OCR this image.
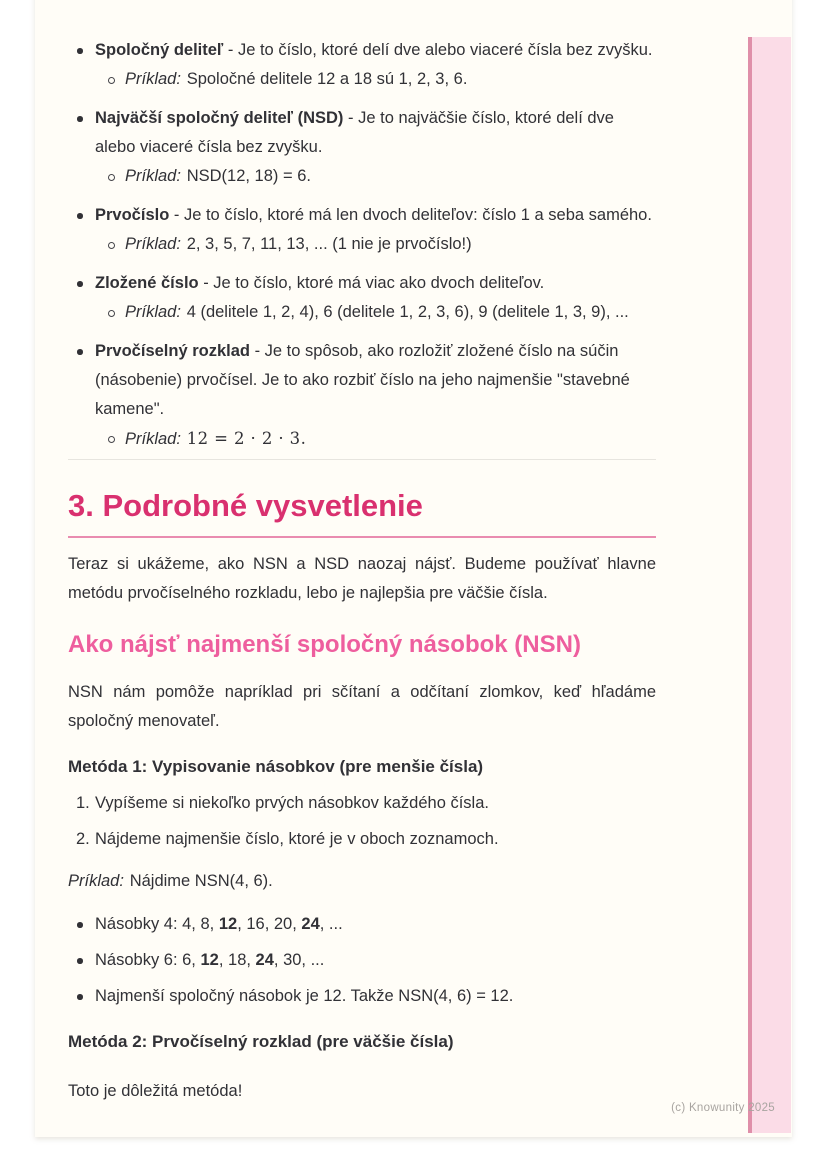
Spoločný deliteľ - Je to číslo, ktoré delí dve alebo viaceré čísla bez zvyšku.
Príklad: Spoločné delitele 12 a 18 sú 1, 2, 3, 6.
Najväčší spoločný deliteľ (NSD) - Je to najväčšie číslo, ktoré delí dve alebo viaceré čísla bez zvyšku.
Príklad: NSD(12, 18) = 6.
Prvočíslo - Je to číslo, ktoré má len dvoch deliteľov: číslo 1 a seba samého.
Príklad: 2, 3, 5, 7, 11, 13, ... (1 nie je prvočíslo!)
Zložené číslo - Je to číslo, ktoré má viac ako dvoch deliteľov.
Príklad: 4 (delitele 1, 2, 4), 6 (delitele 1, 2, 3, 6), 9 (delitele 1, 3, 9), ...
Prvočíselný rozklad - Je to spôsob, ako rozložiť zložené číslo na súčin (násobenie) prvočísel. Je to ako rozbiť číslo na jeho najmenšie "stavebné kamene".
Príklad: 12 = 2 · 2 · 3.
3. Podrobné vysvetlenie

Teraz si ukážeme, ako NSN a NSD naozaj nájsť. Budeme používať hlavne metódu prvočíselného rozkladu, lebo je najlepšia pre väčšie čísla.

Ako nájsť najmenší spoločný násobok (NSN)

NSN nám pomôže napríklad pri sčítaní a odčítaní zlomkov, keď hľadáme spoločný menovateľ.

Metóda 1: Vypisovanie násobkov (pre menšie čísla)
1. Vypíšeme si niekoľko prvých násobkov každého čísla.
2. Nájdeme najmenšie číslo, ktoré je v oboch zoznamoch.

Príklad: Nájdime NSN(4, 6).

Násobky 4: 4, 8, 12, 16, 20, 24, ...
Násobky 6: 6, 12, 18, 24, 30, ...
Najmenší spoločný násobok je 12. Takže NSN(4, 6) = 12.
Metóda 2: Prvočíselný rozklad (pre väčšie čísla)

Toto je dôležitá metóda!

(c) Knowunity 2025
